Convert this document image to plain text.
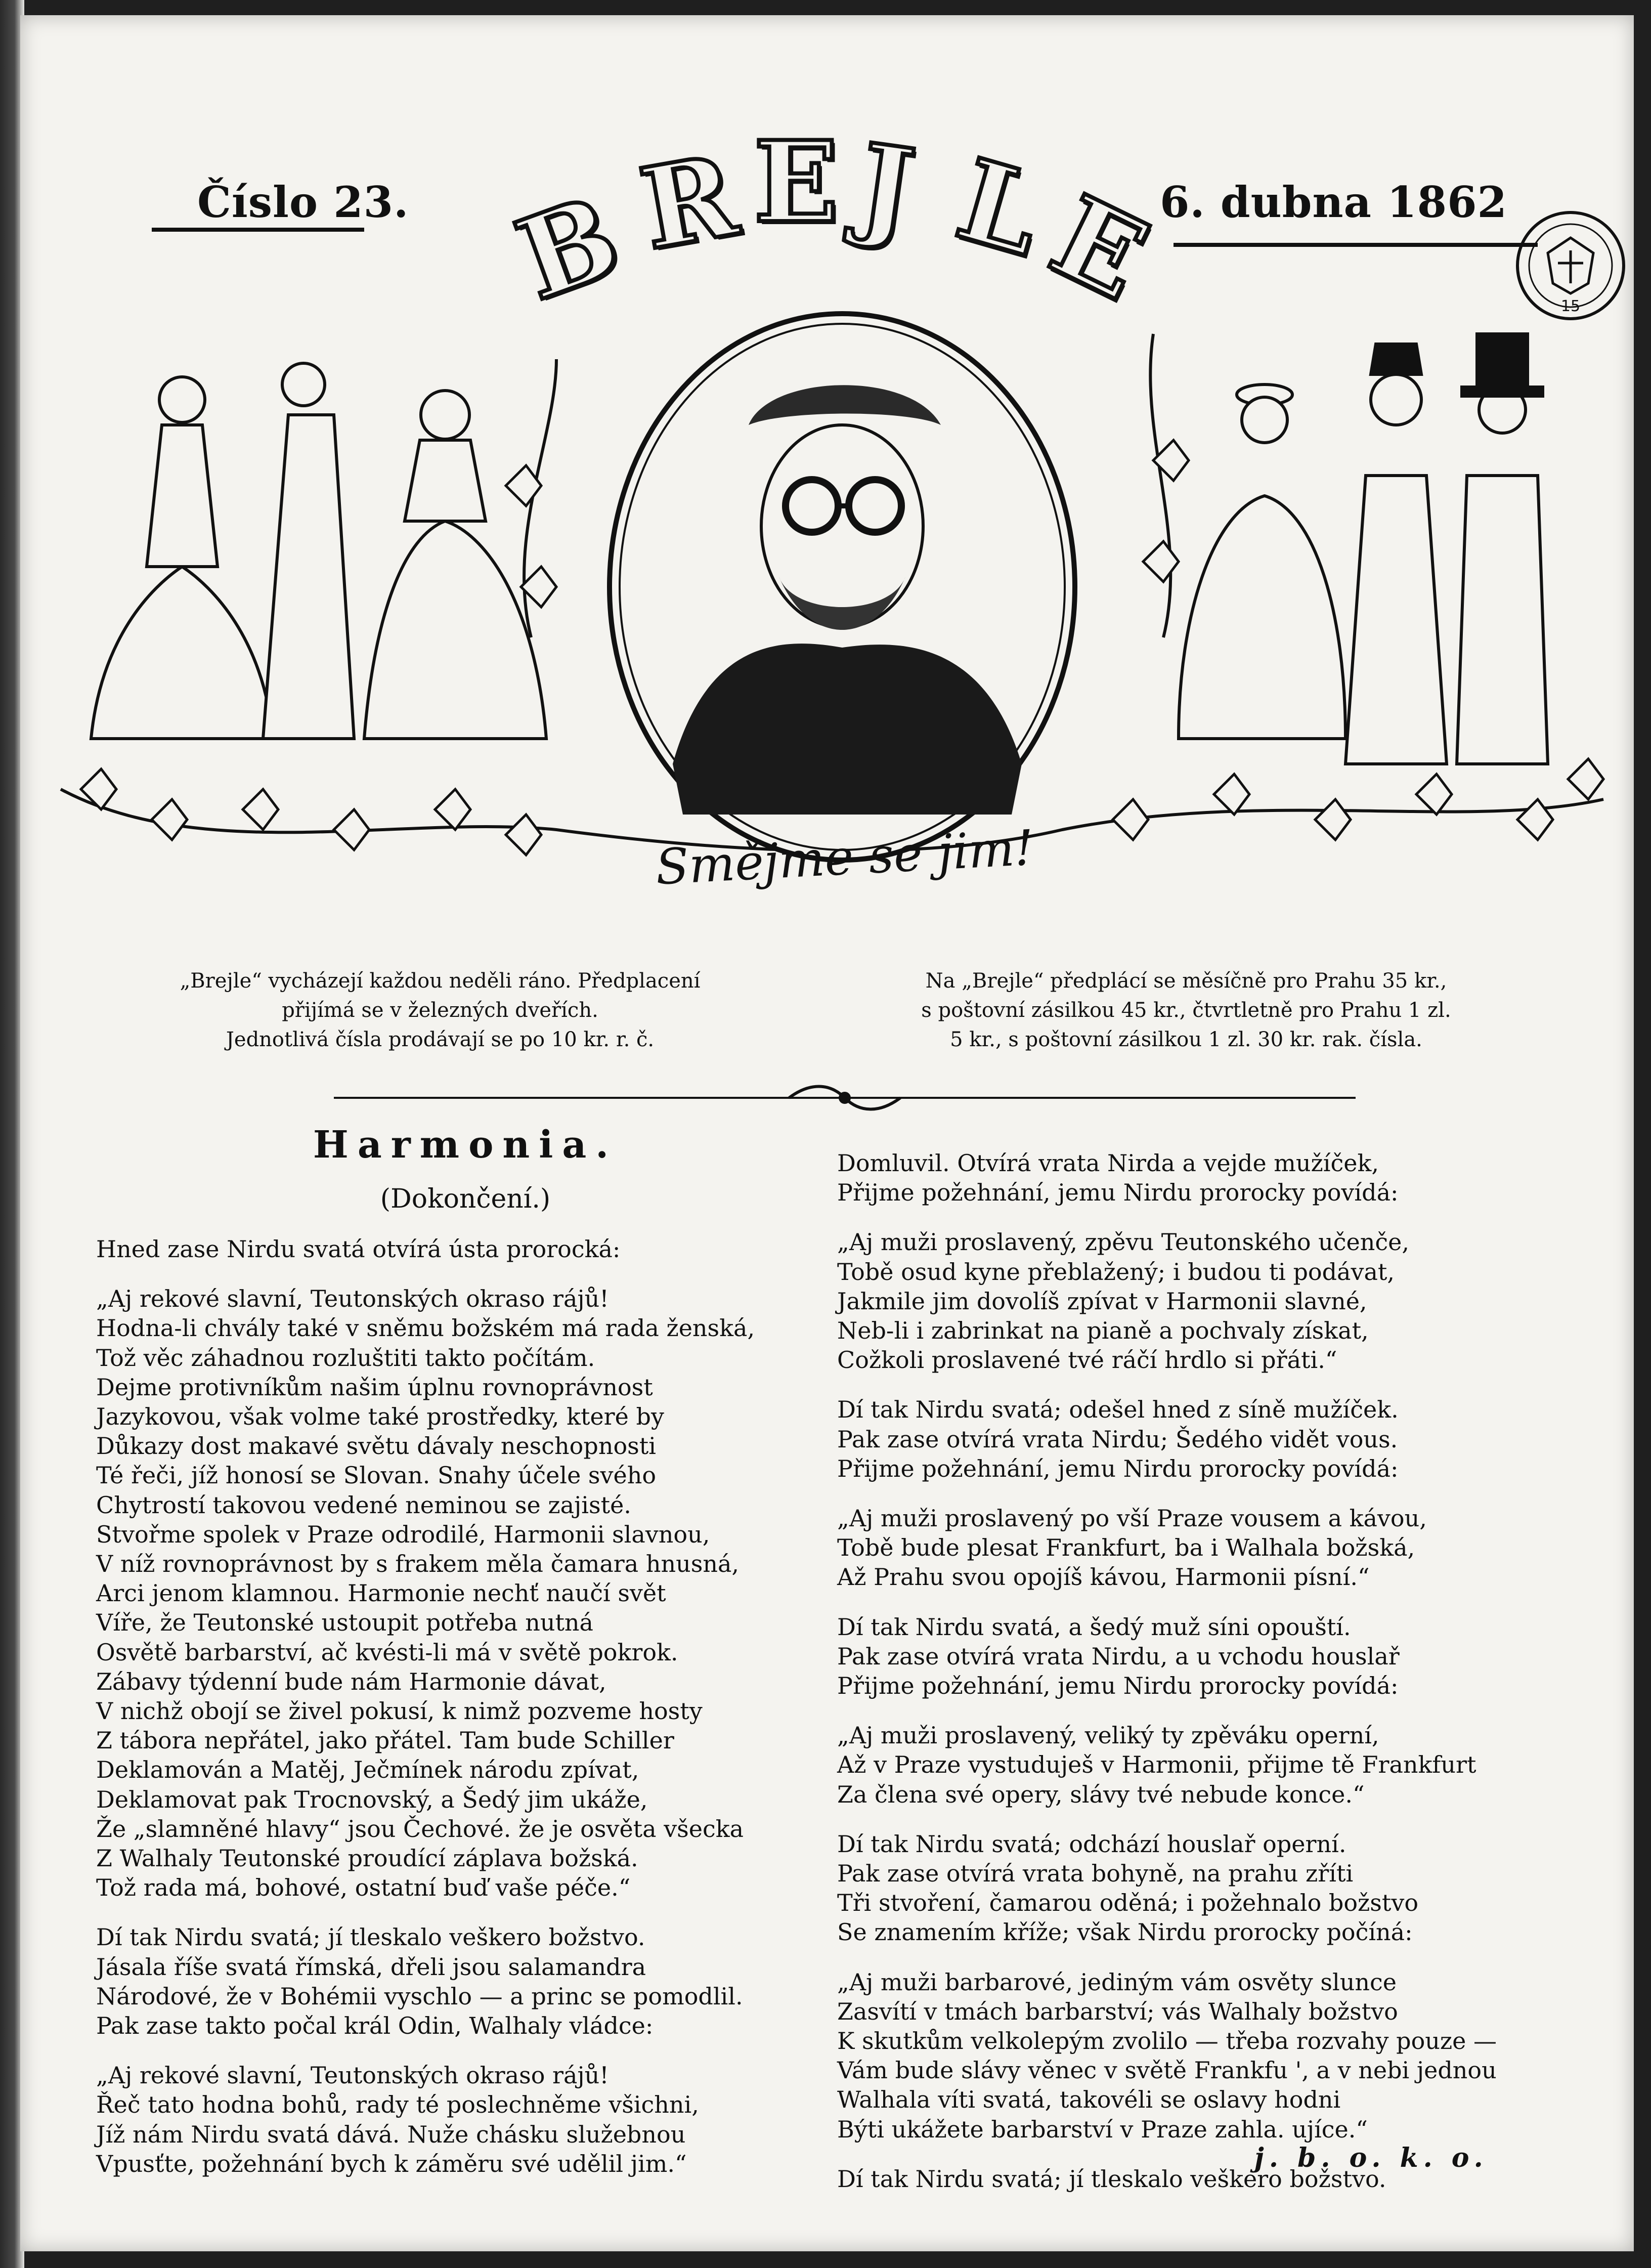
Číslo 23.	6. dubna 1862
B
R E J L
E	15
Smějme se jim!
„Brejle“ vycházejí každou neděli ráno. Předplacení
přijímá se v železných dveřích.
Jednotlivá čísla prodávají se po 10 kr. r. č.
Na „Brejle“ předplácí se měsíčně pro Prahu 35 kr.,
s poštovní zásilkou 45 kr., čtvrtletně pro Prahu 1 zl.
5 kr., s poštovní zásilkou 1 zl. 30 kr. rak. čísla.
Harmonia.
(Dokončení.)
Hned zase Nirdu svatá otvírá ústa prorocká:
„Aj rekové slavní, Teutonských okraso rájů!
Hodna-li chvály také v sněmu božském má rada ženská,
Tož věc záhadnou rozluštiti takto počítám.
Dejme protivníkům našim úplnu rovnoprávnost
Jazykovou, však volme také prostředky, které by
Důkazy dost makavé světu dávaly neschopnosti
Té řeči, jíž honosí se Slovan. Snahy účele svého
Chytrostí takovou vedené neminou se zajisté.
Stvořme spolek v Praze odrodilé, Harmonii slavnou,
V níž rovnoprávnost by s frakem měla čamara hnusná,
Arci jenom klamnou. Harmonie nechť naučí svět
Víře, že Teutonské ustoupit potřeba nutná
Osvětě barbarství, ač kvésti-li má v světě pokrok.
Zábavy týdenní bude nám Harmonie dávat,
V nichž obojí se živel pokusí, k nimž pozveme hosty
Z tábora nepřátel, jako přátel. Tam bude Schiller
Deklamován a Matěj, Ječmínek národu zpívat,
Deklamovat pak Trocnovský, a Šedý jim ukáže,
Že „slamněné hlavy“ jsou Čechové. že je osvěta všecka
Z Walhaly Teutonské proudící záplava božská.
Tož rada má, bohové, ostatní buď vaše péče.“
Dí tak Nirdu svatá; jí tleskalo veškero božstvo.
Jásala říše svatá římská, dřeli jsou salamandra
Národové, že v Bohémii vyschlo — a princ se pomodlil.
Pak zase takto počal král Odin, Walhaly vládce:
„Aj rekové slavní, Teutonských okraso rájů!
Řeč tato hodna bohů, rady té poslechněme všichni,
Jíž nám Nirdu svatá dává. Nuže chásku služebnou
Vpusťte, požehnání bych k záměru své udělil jim.“
Domluvil. Otvírá vrata Nirda a vejde mužíček,
Přijme požehnání, jemu Nirdu prorocky povídá:
„Aj muži proslavený, zpěvu Teutonského učenče,
Tobě osud kyne přeblažený; i budou ti podávat,
Jakmile jim dovolíš zpívat v Harmonii slavné,
Neb-li i zabrinkat na pianě a pochvaly získat,
Cožkoli proslavené tvé ráčí hrdlo si přáti.“
Dí tak Nirdu svatá; odešel hned z síně mužíček.
Pak zase otvírá vrata Nirdu; Šedého vidět vous.
Přijme požehnání, jemu Nirdu prorocky povídá:
„Aj muži proslavený po vší Praze vousem a kávou,
Tobě bude plesat Frankfurt, ba i Walhala božská,
Až Prahu svou opojíš kávou, Harmonii písní.“
Dí tak Nirdu svatá, a šedý muž síni opouští.
Pak zase otvírá vrata Nirdu, a u vchodu houslař
Přijme požehnání, jemu Nirdu prorocky povídá:
„Aj muži proslavený, veliký ty zpěváku operní,
Až v Praze vystuduješ v Harmonii, přijme tě Frankfurt
Za člena své opery, slávy tvé nebude konce.“
Dí tak Nirdu svatá; odchází houslař operní.
Pak zase otvírá vrata bohyně, na prahu zříti
Tři stvoření, čamarou oděná; i požehnalo božstvo
Se znamením kříže; však Nirdu prorocky počíná:
„Aj muži barbarové, jediným vám osvěty slunce
Zasvítí v tmách barbarství; vás Walhaly božstvo
K skutkům velkolepým zvolilo — třeba rozvahy pouze —
Vám bude slávy věnec v světě Frankfu ', a v nebi jednou
Walhala víti svatá, takovéli se oslavy hodni
Býti ukážete barbarství v Praze zahla. ujíce.“
Dí tak Nirdu svatá; jí tleskalo veškero božstvo.
j. b. o. k. o.
